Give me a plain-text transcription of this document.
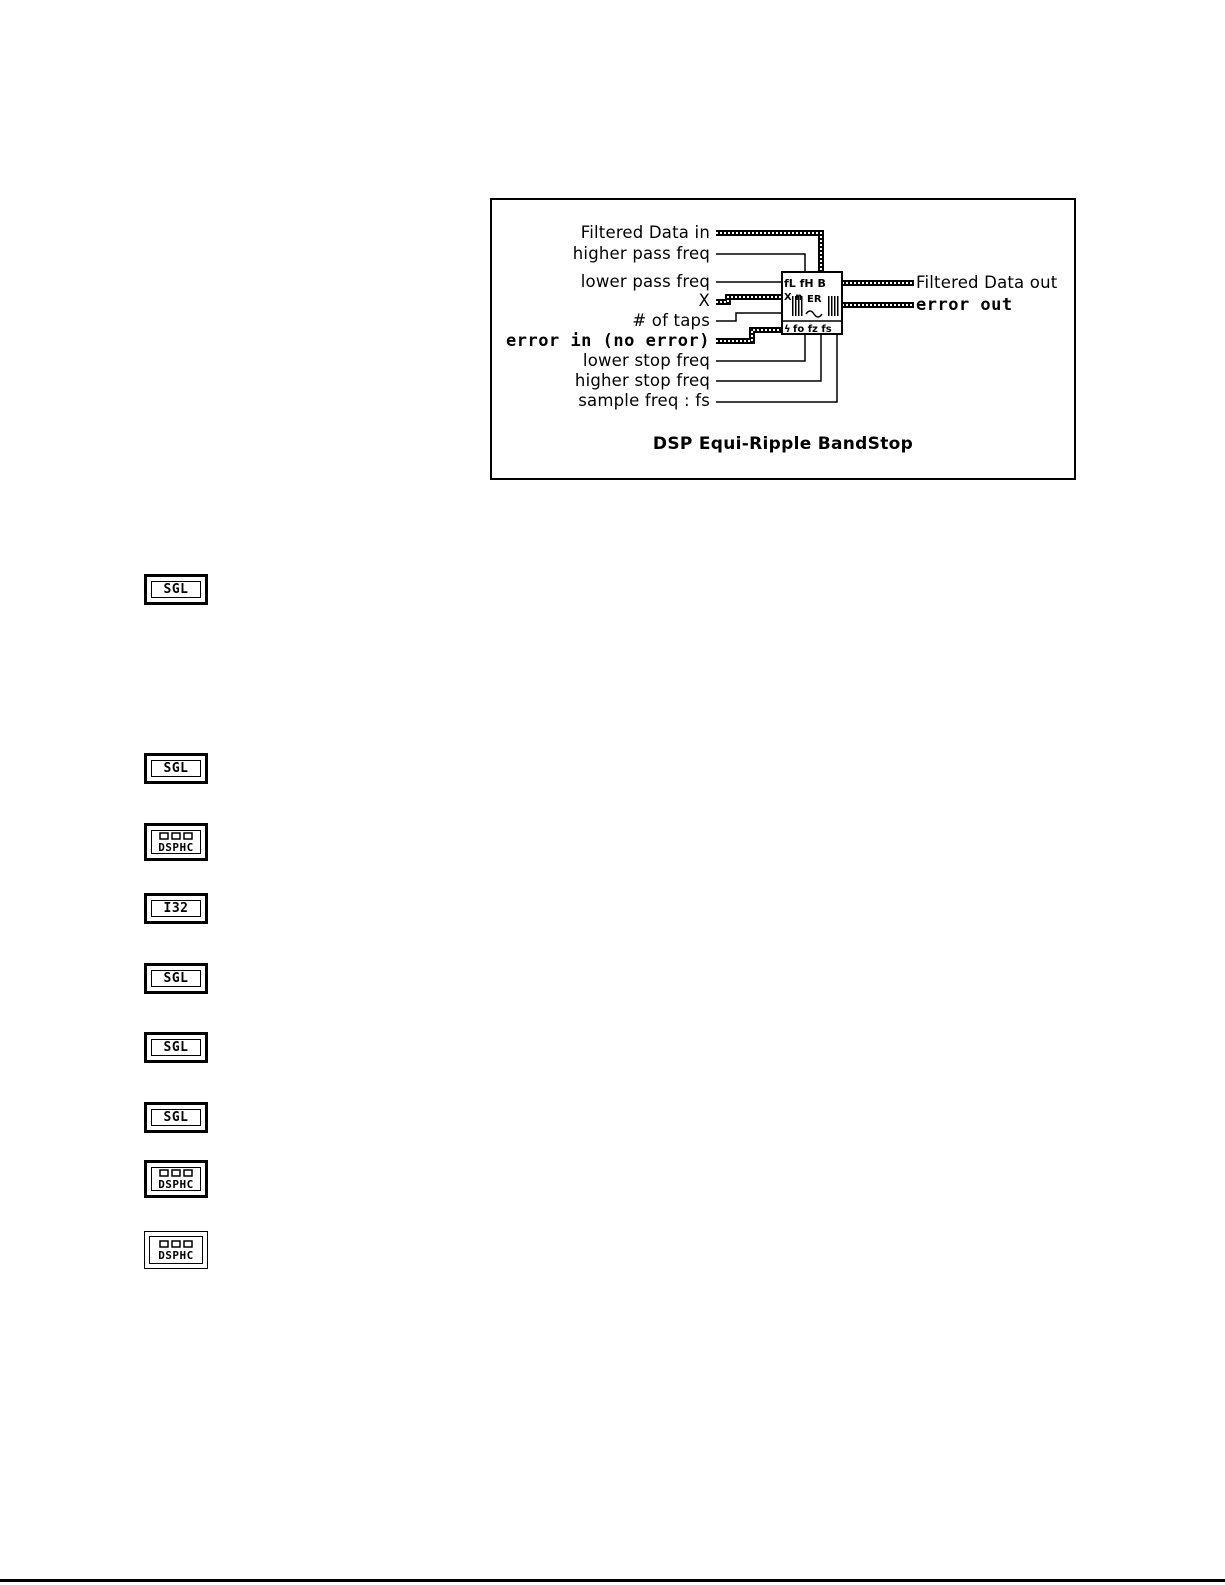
fL fH B
ER
X n
fo fz fs
ϟ
Filtered Data in
higher pass freq
lower pass freq
X
# of taps
error in (no error)
lower stop freq
higher stop freq
sample freq : fs
Filtered Data out
error out
DSP Equi-Ripple BandStop
SGL
SGL
DSPHC
I32
SGL
SGL
SGL
DSPHC
DSPHC
